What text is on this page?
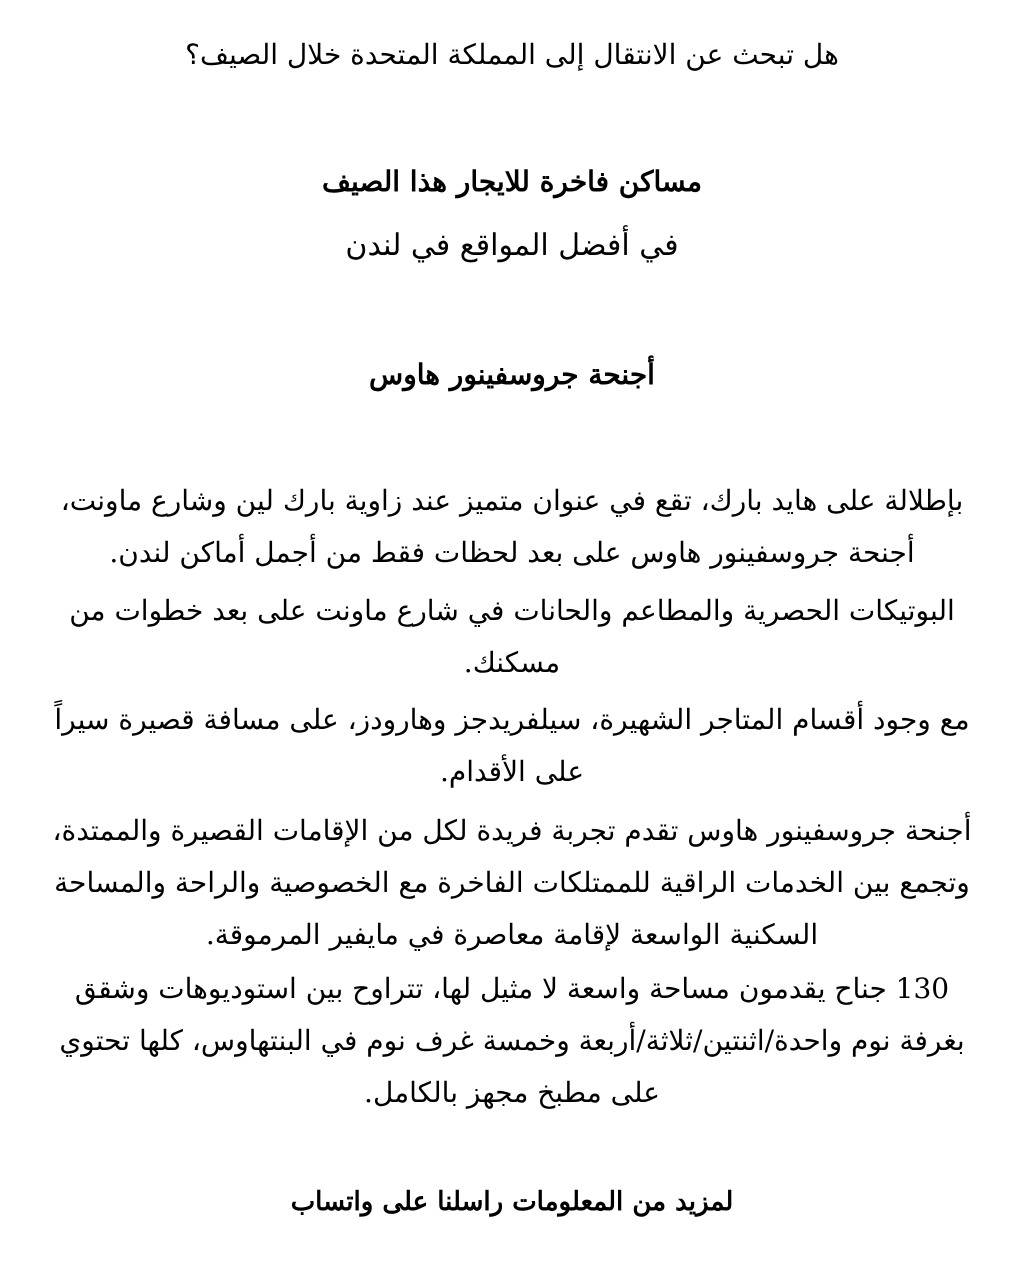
هل تبحث عن الانتقال إلى المملكة المتحدة خلال الصيف؟
مساكن فاخرة للايجار هذا الصيف
في أفضل المواقع في لندن
أجنحة جروسفينور هاوس
بإطلالة على هايد بارك، تقع في عنوان متميز عند زاوية بارك لين وشارع ماونت، أجنحة جروسفينور هاوس على بعد لحظات فقط من أجمل أماكن لندن.
البوتيكات الحصرية والمطاعم والحانات في شارع ماونت على بعد خطوات من مسكنك.
مع وجود أقسام المتاجر الشهيرة، سيلفريدجز وهارودز، على مسافة قصيرة سيراً على الأقدام.
أجنحة جروسفينور هاوس تقدم تجربة فريدة لكل من الإقامات القصيرة والممتدة، وتجمع بين الخدمات الراقية للممتلكات الفاخرة مع الخصوصية والراحة والمساحة السكنية الواسعة لإقامة معاصرة في مايفير المرموقة.
130 جناح يقدمون مساحة واسعة لا مثيل لها، تتراوح بين استوديوهات وشقق بغرفة نوم واحدة/اثنتين/ثلاثة/أربعة وخمسة غرف نوم في البنتهاوس، كلها تحتوي على مطبخ مجهز بالكامل.
لمزيد من المعلومات راسلنا على واتساب
